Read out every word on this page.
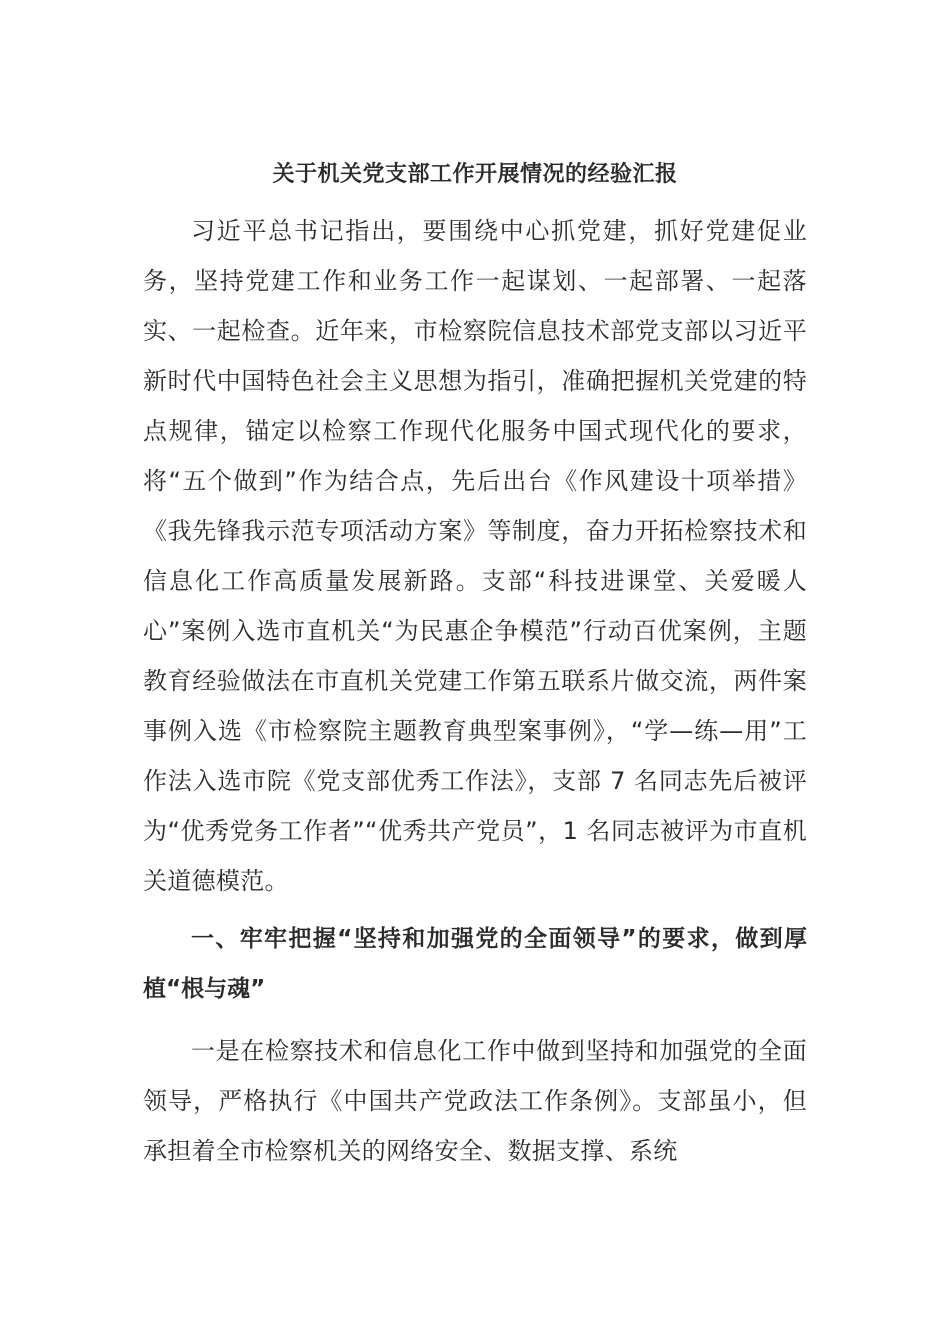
关于机关党支部工作开展情况的经验汇报

习近平总书记指出，要围绕中心抓党建，抓好党建促业务，坚持党建工作和业务工作一起谋划、一起部署、一起落实、一起检查。近年来，市检察院信息技术部党支部以习近平新时代中国特色社会主义思想为指引，准确把握机关党建的特点规律，锚定以检察工作现代化服务中国式现代化的要求，将“五个做到”作为结合点，先后出台《作风建设十项举措》《我先锋我示范专项活动方案》等制度，奋力开拓检察技术和信息化工作高质量发展新路。支部“科技进课堂、关爱暖人心”案例入选市直机关“为民惠企争模范”行动百优案例，主题教育经验做法在市直机关党建工作第五联系片做交流，两件案事例入选《市检察院主题教育典型案事例》，“学—练—用”工作法入选市院《党支部优秀工作法》，支部 7 名同志先后被评为“优秀党务工作者”“优秀共产党员”，1 名同志被评为市直机关道德模范。

一、牢牢把握“坚持和加强党的全面领导”的要求，做到厚植“根与魂”

一是在检察技术和信息化工作中做到坚持和加强党的全面领导，严格执行《中国共产党政法工作条例》。支部虽小，但承担着全市检察机关的网络安全、数据支撑、系统
